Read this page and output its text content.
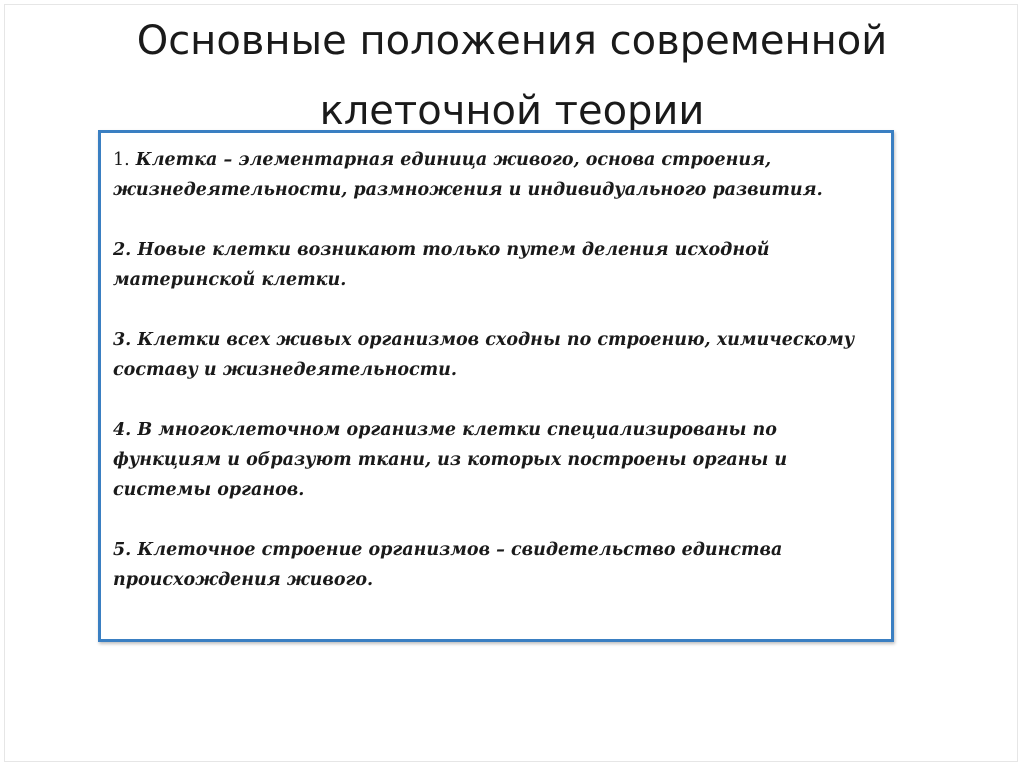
Основные положения современной
клеточной теории

1. Клетка – элементарная единица живого, основа строения, жизнедеятельности, размножения и индивидуального развития.

2. Новые клетки возникают только путем деления исходной материнской клетки.

3. Клетки всех живых организмов сходны по строению, химическому составу и жизнедеятельности.

4. В многоклеточном организме клетки специализированы по функциям и образуют ткани, из которых построены органы и системы органов.

5. Клеточное строение организмов – свидетельство единства происхождения живого.
